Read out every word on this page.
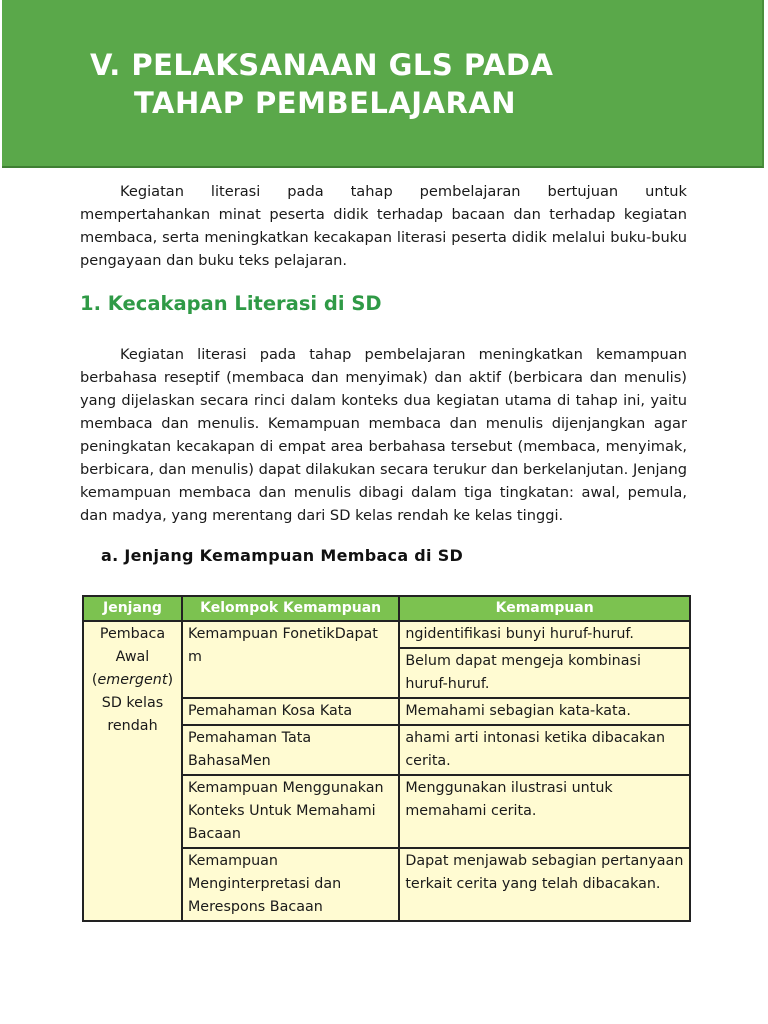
V. PELAKSANAAN GLS PADA
TAHAP PEMBELAJARAN

Kegiatan literasi pada tahap pembelajaran bertujuan untuk mempertahankan minat peserta didik terhadap bacaan dan terhadap kegiatan membaca, serta meningkatkan kecakapan literasi peserta didik melalui buku-buku pengayaan dan buku teks pelajaran.

1. Kecakapan Literasi di SD

Kegiatan literasi pada tahap pembelajaran meningkatkan kemampuan berbahasa reseptif (membaca dan menyimak) dan aktif (berbicara dan menulis) yang dijelaskan secara rinci dalam konteks dua kegiatan utama di tahap ini, yaitu membaca dan menulis. Kemampuan membaca dan menulis dijenjangkan agar peningkatan kecakapan di empat area berbahasa tersebut (membaca, menyimak, berbicara, dan menulis) dapat dilakukan secara terukur dan berkelanjutan. Jenjang kemampuan membaca dan menulis dibagi dalam tiga tingkatan: awal, pemula, dan madya, yang merentang dari SD kelas rendah ke kelas tinggi.

a. Jenjang Kemampuan Membaca di SD
Jenjang	Kelompok Kemampuan	Kemampuan
Pembaca
Awal
(emergent)
SD kelas
rendah	Kemampuan FonetikDapat m	ngidentifikasi bunyi huruf-huruf.
		Belum dapat mengeja kombinasi huruf-huruf.
	Pemahaman Kosa Kata	Memahami sebagian kata-kata.
	Pemahaman Tata BahasaMen	ahami arti intonasi ketika dibacakan cerita.
	Kemampuan Menggunakan Konteks Untuk Memahami Bacaan	Menggunakan ilustrasi untuk memahami cerita.
	Kemampuan Menginterpretasi dan Merespons Bacaan	Dapat menjawab sebagian pertanyaan terkait cerita yang telah dibacakan.
